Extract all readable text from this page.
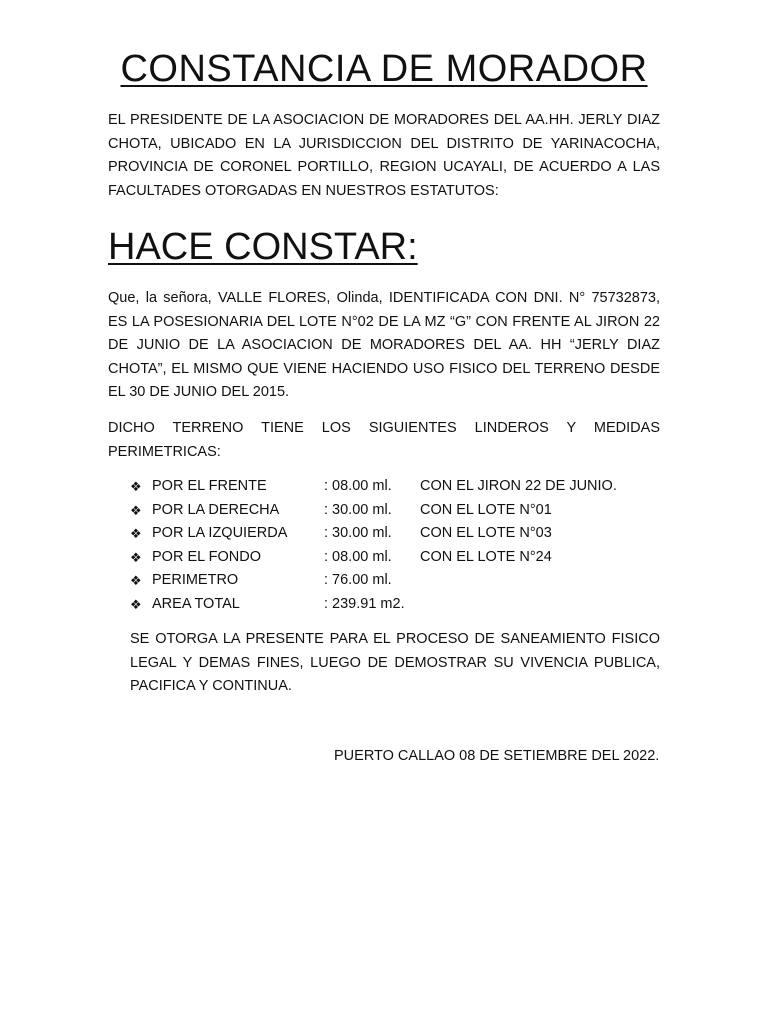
CONSTANCIA DE MORADOR
EL PRESIDENTE DE LA ASOCIACION DE MORADORES DEL AA.HH. JERLY DIAZ CHOTA, UBICADO EN LA JURISDICCION DEL DISTRITO DE YARINACOCHA, PROVINCIA DE CORONEL PORTILLO, REGION UCAYALI, DE ACUERDO A LAS FACULTADES OTORGADAS EN NUESTROS ESTATUTOS:
HACE CONSTAR:
Que, la señora, VALLE FLORES, Olinda, IDENTIFICADA CON DNI. N° 75732873, ES LA POSESIONARIA DEL LOTE N°02 DE LA MZ “G” CON FRENTE AL JIRON 22 DE JUNIO DE LA ASOCIACION DE MORADORES DEL AA. HH “JERLY DIAZ CHOTA”, EL MISMO QUE VIENE HACIENDO USO FISICO DEL TERRENO DESDE EL 30 DE JUNIO DEL 2015.
DICHO TERRENO TIENE LOS SIGUIENTES LINDEROS Y MEDIDAS PERIMETRICAS:
❖ POR EL FRENTE	: 08.00 ml. CON EL JIRON 22 DE JUNIO.
❖ POR LA DERECHA	: 30.00 ml. CON EL LOTE N°01
❖ POR LA IZQUIERDA	: 30.00 ml. CON EL LOTE N°03
❖ POR EL FONDO	: 08.00 ml. CON EL LOTE N°24
❖ PERIMETRO	: 76.00 ml.
❖ AREA TOTAL	: 239.91 m2.
SE OTORGA LA PRESENTE PARA EL PROCESO DE SANEAMIENTO FISICO LEGAL Y DEMAS FINES, LUEGO DE DEMOSTRAR SU VIVENCIA PUBLICA, PACIFICA Y CONTINUA.
PUERTO CALLAO 08 DE SETIEMBRE DEL 2022.
